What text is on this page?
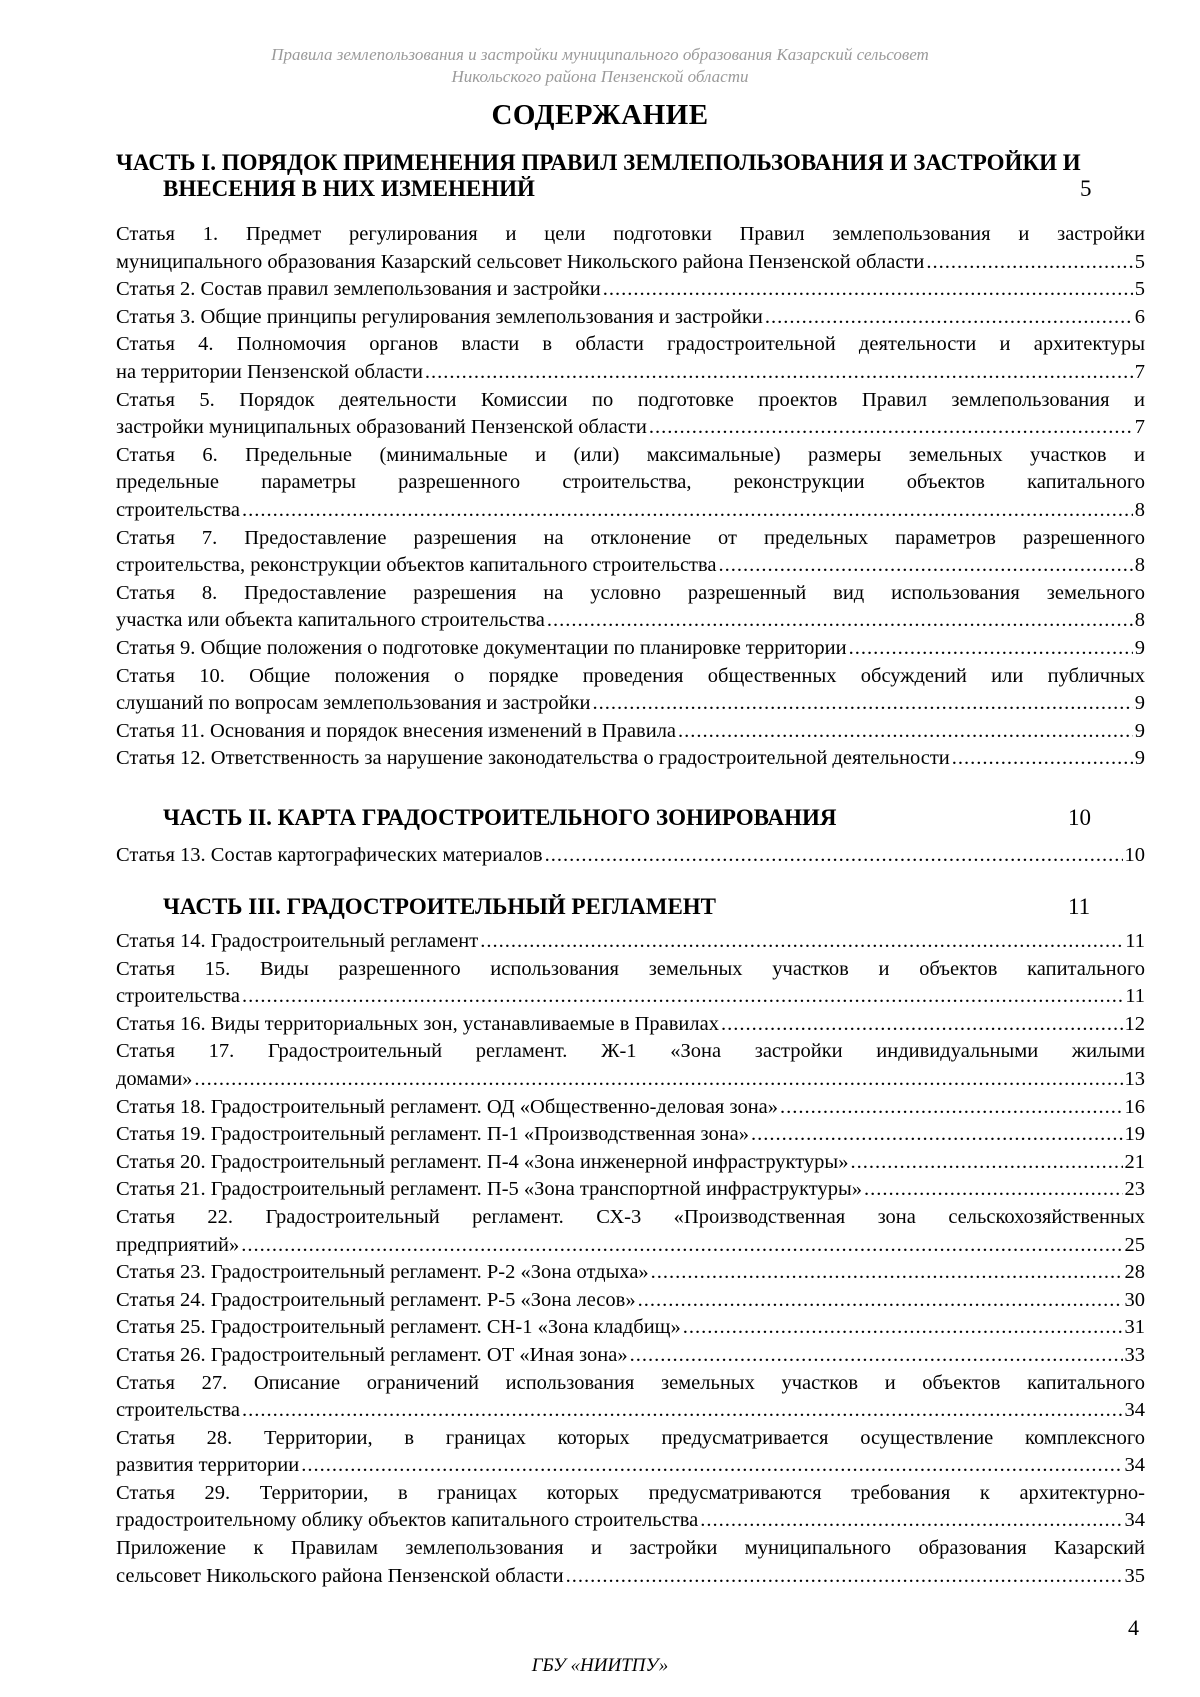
Правила землепользования и застройки муниципального образования Казарский сельсовет
Никольского района Пензенской области
СОДЕРЖАНИЕ
ЧАСТЬ I. ПОРЯДОК ПРИМЕНЕНИЯ ПРАВИЛ ЗЕМЛЕПОЛЬЗОВАНИЯ И ЗАСТРОЙКИ И
ВНЕСЕНИЯ В НИХ ИЗМЕНЕНИЙ	5
Статья 1. Предмет регулирования и цели подготовки Правил землепользования и застройки
муниципального образования Казарский сельсовет Никольского района Пензенской области .....	5
Статья 2. Состав правил землепользования и застройки .....	5
Статья 3. Общие принципы регулирования землепользования и застройки .....	6
Статья 4. Полномочия органов власти в области градостроительной деятельности и архитектуры
на территории Пензенской области .....	7
Статья 5. Порядок деятельности Комиссии по подготовке проектов Правил землепользования и
застройки муниципальных образований Пензенской области .....	7
Статья 6. Предельные (минимальные и (или) максимальные) размеры земельных участков и
предельные параметры разрешенного строительства, реконструкции объектов капитального
строительства .....	8
Статья 7. Предоставление разрешения на отклонение от предельных параметров разрешенного
строительства, реконструкции объектов капитального строительства .....	8
Статья 8. Предоставление разрешения на условно разрешенный вид использования земельного
участка или объекта капитального строительства .....	8
Статья 9. Общие положения о подготовке документации по планировке территории .....	9
Статья 10. Общие положения о порядке проведения общественных обсуждений или публичных
слушаний по вопросам землепользования и застройки .....	9
Статья 11. Основания и порядок внесения изменений в Правила .....	9
Статья 12. Ответственность за нарушение законодательства о градостроительной деятельности .....	9
ЧАСТЬ II. КАРТА ГРАДОСТРОИТЕЛЬНОГО ЗОНИРОВАНИЯ	10
Статья 13. Состав картографических материалов .....	10
ЧАСТЬ III. ГРАДОСТРОИТЕЛЬНЫЙ РЕГЛАМЕНТ	11
Статья 14. Градостроительный регламент .....	11
Статья 15. Виды разрешенного использования земельных участков и объектов капитального
строительства .....	11
Статья 16. Виды территориальных зон, устанавливаемые в Правилах .....	12
Статья 17. Градостроительный регламент. Ж-1 «Зона застройки индивидуальными жилыми
домами» .....	13
Статья 18. Градостроительный регламент. ОД «Общественно-деловая зона» .....	16
Статья 19. Градостроительный регламент. П-1 «Производственная зона» .....	19
Статья 20. Градостроительный регламент. П-4 «Зона инженерной инфраструктуры» .....	21
Статья 21. Градостроительный регламент. П-5 «Зона транспортной инфраструктуры» .....	23
Статья 22. Градостроительный регламент. СХ-3 «Производственная зона сельскохозяйственных
предприятий» .....	25
Статья 23. Градостроительный регламент. Р-2 «Зона отдыха» .....	28
Статья 24. Градостроительный регламент. Р-5 «Зона лесов» .....	30
Статья 25. Градостроительный регламент. СН-1 «Зона кладбищ» .....	31
Статья 26. Градостроительный регламент. ОТ «Иная зона» .....	33
Статья 27. Описание ограничений использования земельных участков и объектов капитального
строительства .....	34
Статья 28. Территории, в границах которых предусматривается осуществление комплексного
развития территории .....	34
Статья 29. Территории, в границах которых предусматриваются требования к архитектурно-
градостроительному облику объектов капитального строительства .....	34
Приложение к Правилам землепользования и застройки муниципального образования Казарский
сельсовет Никольского района Пензенской области .....	35
4
ГБУ «НИИТПУ»
